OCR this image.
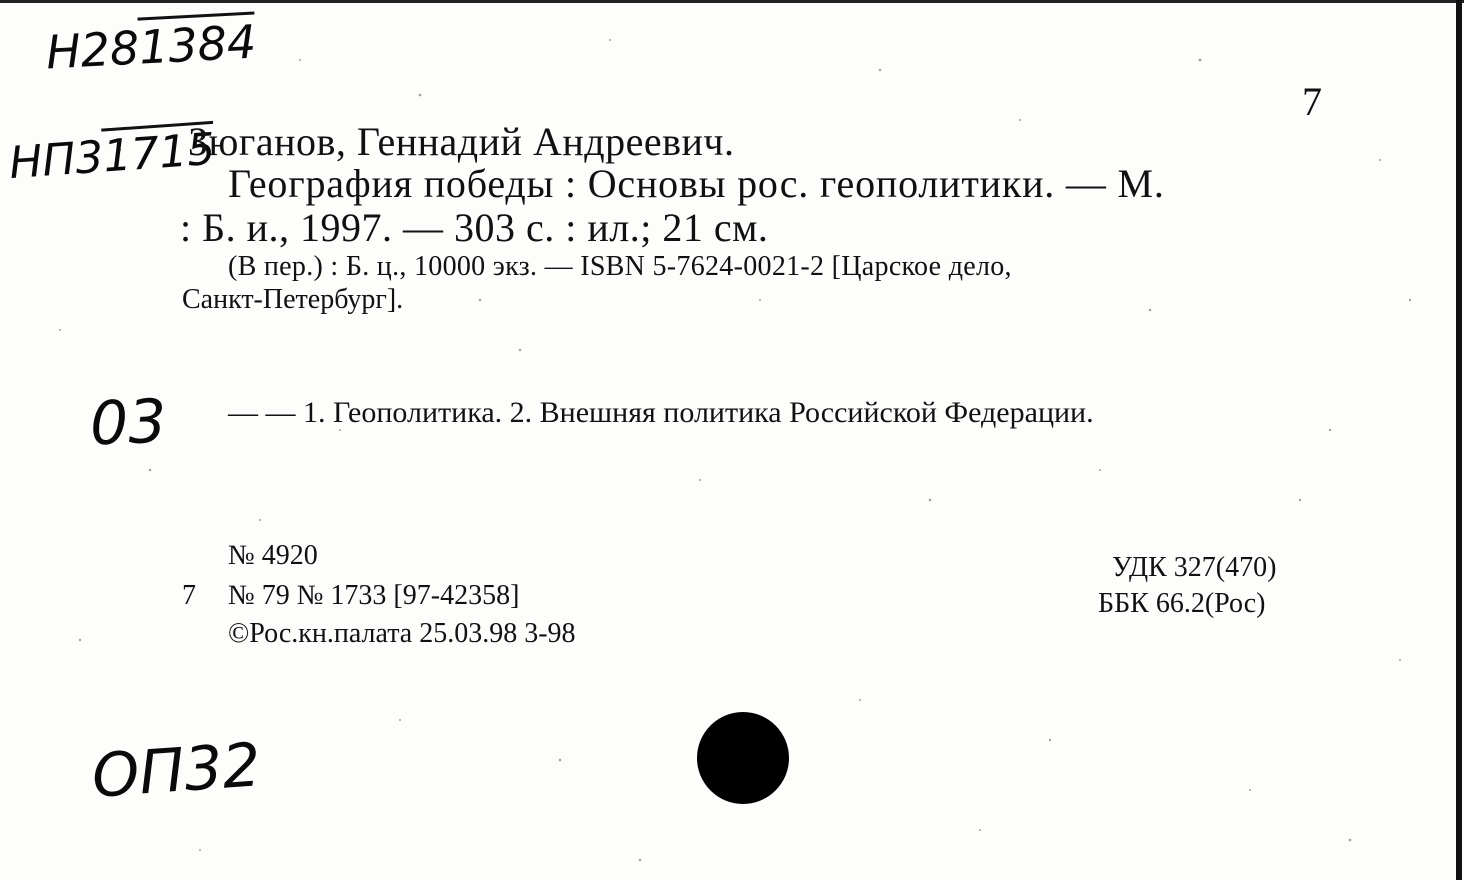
Н281384
НП31715
03
ОП32
7
Зюганов, Геннадий Андреевич.
География победы : Основы рос. геополитики. — М.
: Б. и., 1997. — 303 с. : ил.; 21 см.
(В пер.) : Б. ц., 10000 экз. — ISBN 5-7624-0021-2 [Царское дело,
Санкт-Петербург].
— — 1. Геополитика. 2. Внешняя политика Российской Федерации.
№ 4920
7 № 79 № 1733 [97-42358]
©Рос.кн.палата 25.03.98 3-98
УДК 327(470)
ББК 66.2(Рос)
